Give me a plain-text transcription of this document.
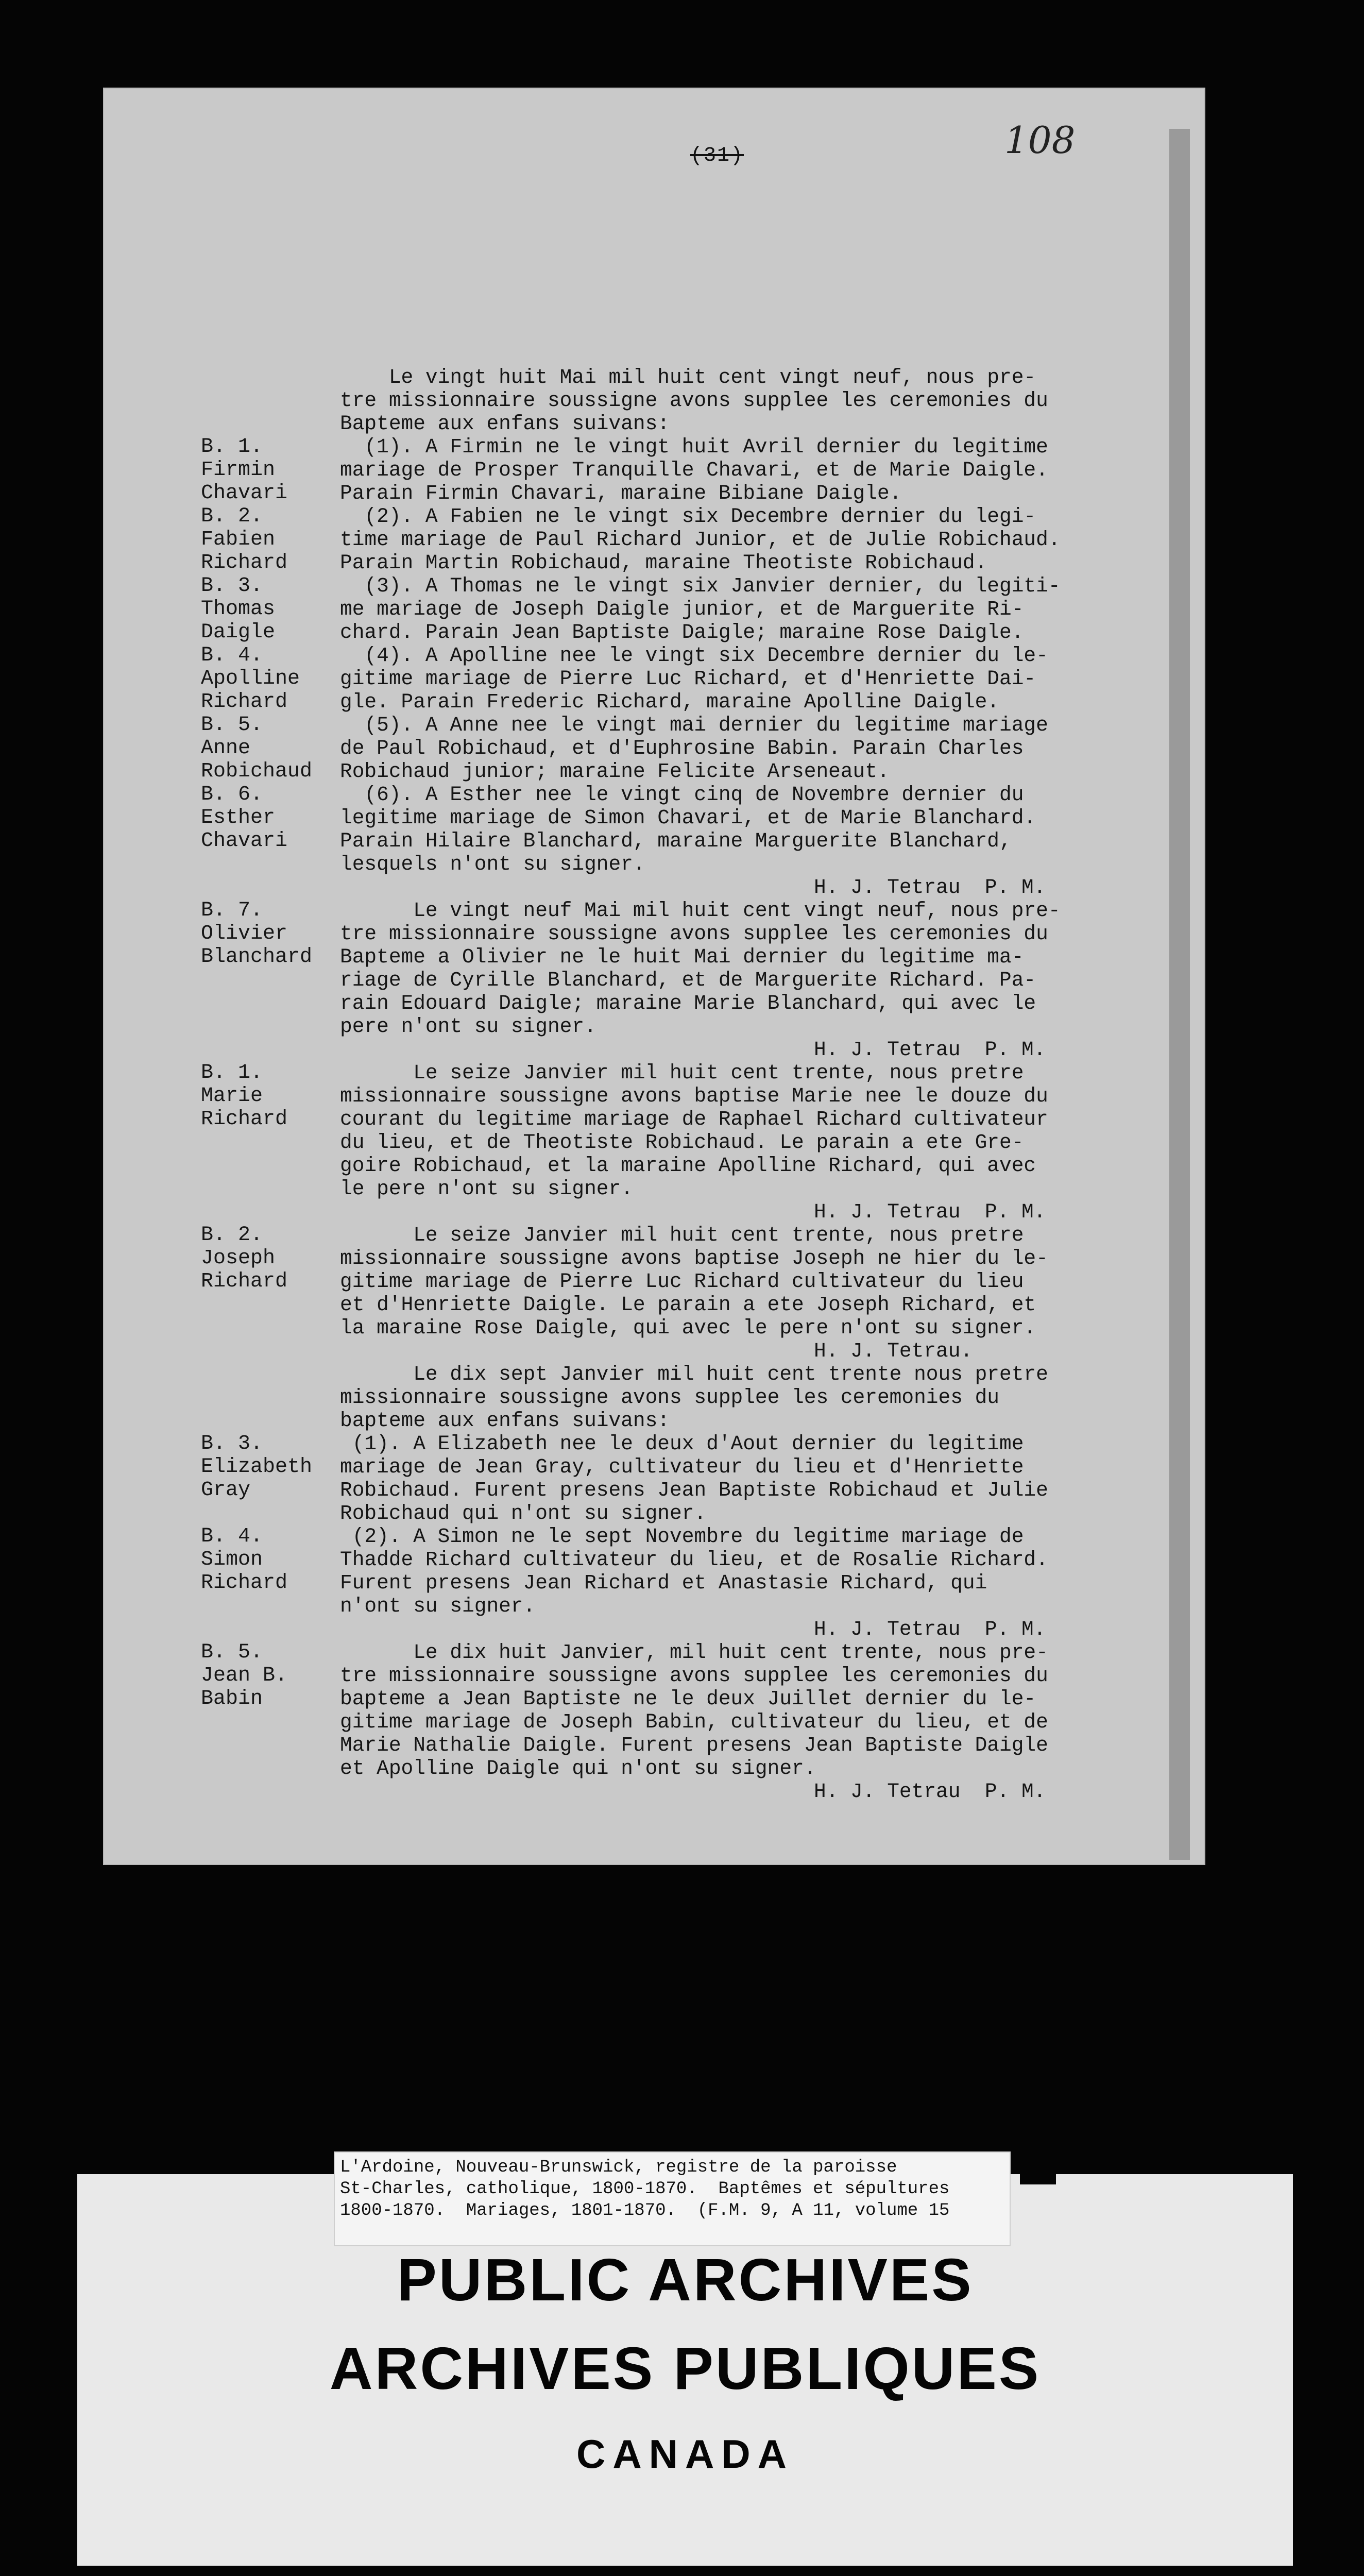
(31)	108
Le vingt huit Mai mil huit cent vingt neuf, nous pre-
tre missionnaire soussigne avons supplee les ceremonies du
Bapteme aux enfans suivans:
B. 1.
Firmin
Chavari
(1). A Firmin ne le vingt huit Avril dernier du legitime
mariage de Prosper Tranquille Chavari, et de Marie Daigle.
Parain Firmin Chavari, maraine Bibiane Daigle.
B. 2.
Fabien
Richard
(2). A Fabien ne le vingt six Decembre dernier du legi-
time mariage de Paul Richard Junior, et de Julie Robichaud.
Parain Martin Robichaud, maraine Theotiste Robichaud.
B. 3.
Thomas
Daigle
(3). A Thomas ne le vingt six Janvier dernier, du legiti-
me mariage de Joseph Daigle junior, et de Marguerite Ri-
chard. Parain Jean Baptiste Daigle; maraine Rose Daigle.
B. 4.
Apolline
Richard
(4). A Apolline nee le vingt six Decembre dernier du le-
gitime mariage de Pierre Luc Richard, et d'Henriette Dai-
gle. Parain Frederic Richard, maraine Apolline Daigle.
B. 5.
Anne
Robichaud
(5). A Anne nee le vingt mai dernier du legitime mariage
de Paul Robichaud, et d'Euphrosine Babin. Parain Charles
Robichaud junior; maraine Felicite Arseneaut.
B. 6.
Esther
Chavari
(6). A Esther nee le vingt cinq de Novembre dernier du
legitime mariage de Simon Chavari, et de Marie Blanchard.
Parain Hilaire Blanchard, maraine Marguerite Blanchard,
lesquels n'ont su signer.
B. 7.
Olivier
Blanchard
Le vingt neuf Mai mil huit cent vingt neuf, nous pre-
tre missionnaire soussigne avons supplee les ceremonies du
Bapteme a Olivier ne le huit Mai dernier du legitime ma-
riage de Cyrille Blanchard, et de Marguerite Richard. Pa-
rain Edouard Daigle; maraine Marie Blanchard, qui avec le
pere n'ont su signer.
B. 1.
Marie
Richard
Le seize Janvier mil huit cent trente, nous pretre
missionnaire soussigne avons baptise Marie nee le douze du
courant du legitime mariage de Raphael Richard cultivateur
du lieu, et de Theotiste Robichaud. Le parain a ete Gre-
goire Robichaud, et la maraine Apolline Richard, qui avec
le pere n'ont su signer.
B. 2.
Joseph
Richard
Le seize Janvier mil huit cent trente, nous pretre
missionnaire soussigne avons baptise Joseph ne hier du le-
gitime mariage de Pierre Luc Richard cultivateur du lieu
et d'Henriette Daigle. Le parain a ete Joseph Richard, et
la maraine Rose Daigle, qui avec le pere n'ont su signer.
Le dix sept Janvier mil huit cent trente nous pretre
missionnaire soussigne avons supplee les ceremonies du
bapteme aux enfans suivans:
B. 3.
Elizabeth
Gray
(1). A Elizabeth nee le deux d'Aout dernier du legitime
mariage de Jean Gray, cultivateur du lieu et d'Henriette
Robichaud. Furent presens Jean Baptiste Robichaud et Julie
Robichaud qui n'ont su signer.
B. 4.
Simon
Richard
(2). A Simon ne le sept Novembre du legitime mariage de
Thadde Richard cultivateur du lieu, et de Rosalie Richard.
Furent presens Jean Richard et Anastasie Richard, qui
n'ont su signer.
B. 5.
Jean B.
Babin
Le dix huit Janvier, mil huit cent trente, nous pre-
tre missionnaire soussigne avons supplee les ceremonies du
bapteme a Jean Baptiste ne le deux Juillet dernier du le-
gitime mariage de Joseph Babin, cultivateur du lieu, et de
Marie Nathalie Daigle. Furent presens Jean Baptiste Daigle
et Apolline Daigle qui n'ont su signer.
H. J. Tetrau  P. M.
H. J. Tetrau  P. M.
H. J. Tetrau  P. M.
H. J. Tetrau.
H. J. Tetrau  P. M.
H. J. Tetrau  P. M.
L'Ardoine, Nouveau-Brunswick, registre de la paroisse
St-Charles, catholique, 1800-1870.  Baptêmes et sépultures
1800-1870.  Mariages, 1801-1870.  (F.M. 9, A 11, volume 15
PUBLIC ARCHIVES
ARCHIVES PUBLIQUES
CANADA
